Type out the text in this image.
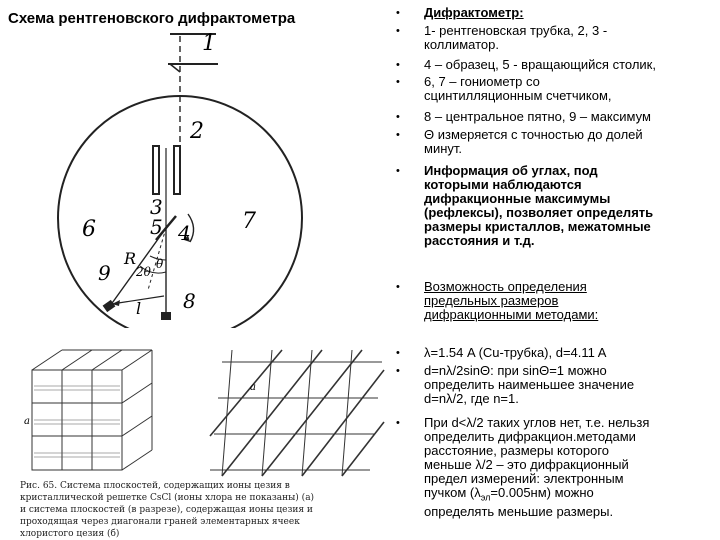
Схема рентгеновского дифрактометра
1
2
3
5 4
6	7
8
9
R
2θ
θ
l
a
a
Рис. 65. Система плоскостей, содержащих ионы цезия в
кристаллической решетке CsCl (ионы хлора не показаны) (a)
и система плоскостей (в разрезе), содержащая ионы цезия и
проходящая через диагонали граней элементарных ячеек
хлористого цезия (б)
• Дифрактометр:
• 1- рентгеновская трубка, 2, 3 -
коллиматор.
• 4 – образец, 5 - вращающийся столик,
• 6, 7 – гониометр со
сцинтилляционным счетчиком,
• 8 – центральное пятно, 9 – максимум
• Θ измеряется с точностью до долей
минут.
• Информация об углах, под
которыми наблюдаются
дифракционные максимумы
(рефлексы), позволяет определять
размеры кристаллов, межатомные
расстояния и т.д.
• Возможность определения
предельных размеров
дифракционными методами:
• λ=1.54 A (Cu-трубка), d=4.11 A
• d=nλ/2sinΘ: при sinΘ=1 можно
определить наименьшее значение
d=nλ/2, где n=1.
• При d<λ/2 таких углов нет, т.е. нельзя
определить дифракцион.методами
расстояние, размеры которого
меньше λ/2 – это дифракционный
предел измерений: электронным
пучком $(\lambda_{эл}=0.005нм)$ можно
определять меньшие размеры.
